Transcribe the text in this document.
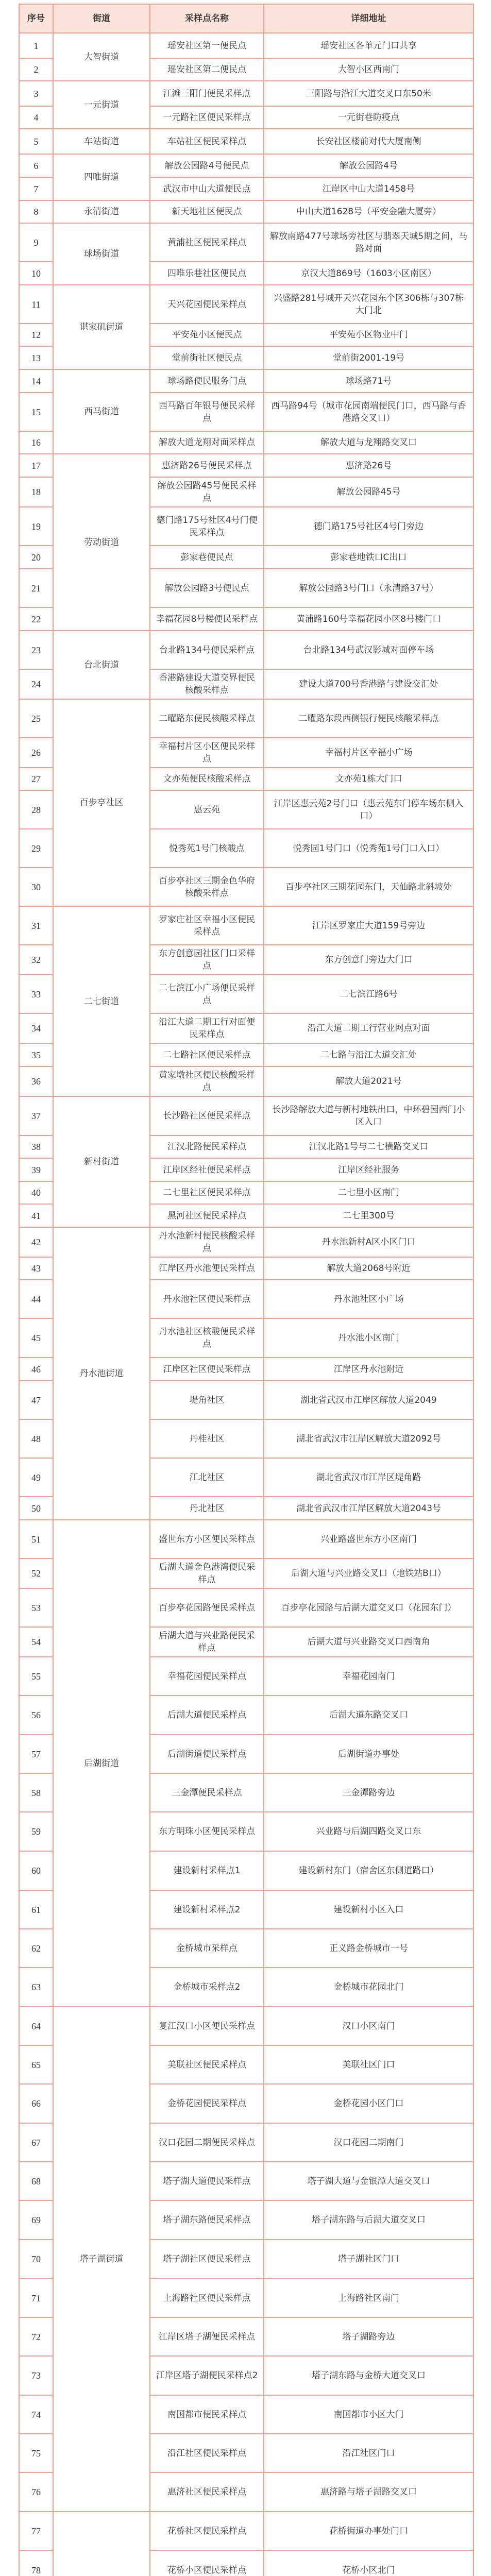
序号	街道	采样点名称	详细地址
1	大智街道	瑶安社区第一便民点	瑶安社区各单元门口共享
2		瑶安社区第二便民点	大智小区西南门
3	一元街道	江滩三阳门便民采样点	三阳路与沿江大道交叉口东50米
4		一元路社区便民采样点	一元街巷防疫点
5	车站街道	车站社区便民采样点	长安社区楼前对代大厦南侧
6	四唯街道	解放公园路4号便民点	解放公园路4号
7		武汉市中山大道便民点	江岸区中山大道1458号
8	永清街道	新天地社区便民点	中山大道1628号（平安金融大厦旁）
9	球场街道	黄浦社区便民采样点	解放南路477号球场旁社区与翡翠天城5期之间，马路对面
10		四唯乐巷社区便民点	京汉大道869号（1603小区南区）
11	谌家矶街道	天兴花园便民采样点	兴盛路281号城开天兴花园东个区306栋与307栋大门北
12		平安苑小区便民点	平安苑小区物业中门
13		堂前街社区便民点	堂前街2001-19号
14	西马街道	球场路便民服务门点	球场路71号
15		西马路百年银号便民采样点	西马路94号（城市花园南端便民门口，西马路与香港路交叉口）
16		解放大道龙翔对面采样点	解放大道与龙翔路交叉口
17	劳动街道	惠济路26号便民采样点	惠济路26号
18		解放公园路45号便民采样点	解放公园路45号
19		德门路175号社区4号门便民采样点	德门路175号社区4号门旁边
20		彭家巷便民点	彭家巷地铁口C出口
21		解放公园路3号便民点	解放公园路3号门口（永清路37号）
22		幸福花园8号楼便民采样点	黄浦路160号幸福花园小区8号楼门口
23	台北街道	台北路134号便民采样点	台北路134号武汉影城对面停车场
24		香港路建设大道交界便民核酸采样点	建设大道700号香港路与建设交汇处
25	百步亭社区	二曜路东便民核酸采样点	二曜路东段西侧银行便民核酸采样点
26		幸福村片区小区便民采样点	幸福村片区幸福小广场
27		文亦苑便民核酸采样点	文亦苑1栋大门口
28		惠云苑	江岸区惠云苑2号门口（惠云苑东门停车场东侧入口）
29		悦秀苑1号门核酸点	悦秀园1号门口（悦秀苑1号门口入口）
30		百步亭社区三期金色华府核酸采样点	百步亭社区三期花园东门，天仙路北斜坡处
31	二七街道	罗家庄社区幸福小区便民采样点	江岸区罗家庄大道159号旁边
32		东方创意园社区门口采样点	东方创意门旁边大门口
33		二七滨江小广场便民采样点	二七滨江路6号
34		沿江大道二期工行对面便民采样点	沿江大道二期工行营业网点对面
35		二七路社区便民采样点	二七路与沿江大道交汇处
36		黄家墩社区便民核酸采样点	解放大道2021号
37	新村街道	长沙路社区便民采样点	长沙路解放大道与新村地铁出口，中环碧园西门小区入口
38		江汉北路便民采样点	江汉北路1号与二七横路交叉口
39		江岸区经社便民采样点	江岸区经社服务
40		二七里社区便民采样点	二七里小区南门
41		黑河社区便民采样点	二七里300号
42	丹水池街道	丹水池新村便民核酸采样点	丹水池新村A区小区门口
43		江岸区丹水池便民采样点	解放大道2068号附近
44		丹水池社区便民采样点	丹水池社区小广场
45		丹水池社区核酸便民采样点	丹水池小区南门
46		江岸区社区便民采样点	江岸区丹水池附近
47		堤角社区	湖北省武汉市江岸区解放大道2049
48		丹桂社区	湖北省武汉市江岸区解放大道2092号
49		江北社区	湖北省武汉市江岸区堤角路
50		丹北社区	湖北省武汉市江岸区解放大道2043号
51	后湖街道	盛世东方小区便民采样点	兴业路盛世东方小区南门
52		后湖大道金色港湾便民采样点	后湖大道与兴业路交叉口（地铁站B口）
53		百步亭花园路便民采样点	百步亭花园路与后湖大道交叉口（花园东门）
54		后湖大道与兴业路便民采样点	后湖大道与兴业路交叉口西南角
55		幸福花园便民采样点	幸福花园南门
56		后湖大道便民采样点	后湖大道东路交叉口
57		后湖街道便民采样点	后湖街道办事处
58		三金潭便民采样点	三金潭路旁边
59		东方明珠小区便民采样点	兴业路与后湖四路交叉口东
60		建设新村采样点1	建设新村东门（宿舍区东侧道路口）
61		建设新村采样点2	建设新村小区入口
62		金桥城市采样点	正义路金桥城市一号
63		金桥城市采样点2	金桥城市花园北门
64	塔子湖街道	复江汉口小区便民采样点	汉口小区南门
65		美联社区便民采样点	美联社区门口
66		金桥花园便民采样点	金桥花园小区门口
67		汉口花园二期便民采样点	汉口花园二期南门
68		塔子湖大道便民采样点	塔子湖大道与金银潭大道交叉口
69		塔子湖东路便民采样点	塔子湖东路与后湖大道交叉口
70		塔子湖社区便民采样点	塔子湖社区门口
71		上海路社区便民采样点	上海路社区南门
72		江岸区塔子湖便民采样点	塔子湖路旁边
73		江岸区塔子湖便民采样点2	塔子湖东路与金桥大道交叉口
74		南国都市便民采样点	南国都市小区大门
75		沿江社区便民采样点	沿江社区门口
76		惠济社区便民采样点	惠济路与塔子湖路交叉口
77		花桥社区便民采样点	花桥街道办事处门口
78		花桥小区便民采样点	花桥小区北门
